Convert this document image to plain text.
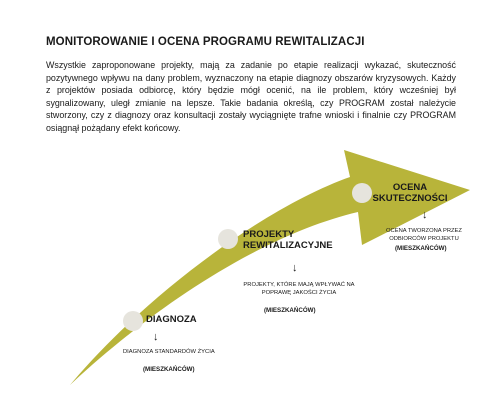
MONITOROWANIE I OCENA PROGRAMU REWITALIZACJI

Wszystkie zaproponowane projekty, mają za zadanie po etapie realizacji wykazać, skuteczność pozytywnego wpływu na dany problem, wyznaczony na etapie diagnozy obszarów kryzysowych. Każdy z projektów posiada odbiorcę, który będzie mógł ocenić, na ile problem, który wcześniej był sygnalizowany, uległ zmianie na lepsze. Takie badania określą, czy PROGRAM został należycie stworzony, czy z diagnozy oraz konsultacji zostały wyciągnięte trafne wnioski i finalnie czy PROGRAM osiągnął pożądany efekt końcowy.

DIAGNOZA
↓
DIAGNOZA STANDARDÓW ŻYCIA
(MIESZKAŃCÓW)
PROJEKTY
REWITALIZACYJNE
↓
PROJEKTY, KTÓRE MAJĄ WPŁYWAĆ NA
POPRAWĘ JAKOŚCI ŻYCIA
(MIESZKAŃCÓW)
OCENA
SKUTECZNOŚCI
↓
OCENA TWORZONA PRZEZ
ODBIORCÓW PROJEKTU
(MIESZKAŃCÓW)
